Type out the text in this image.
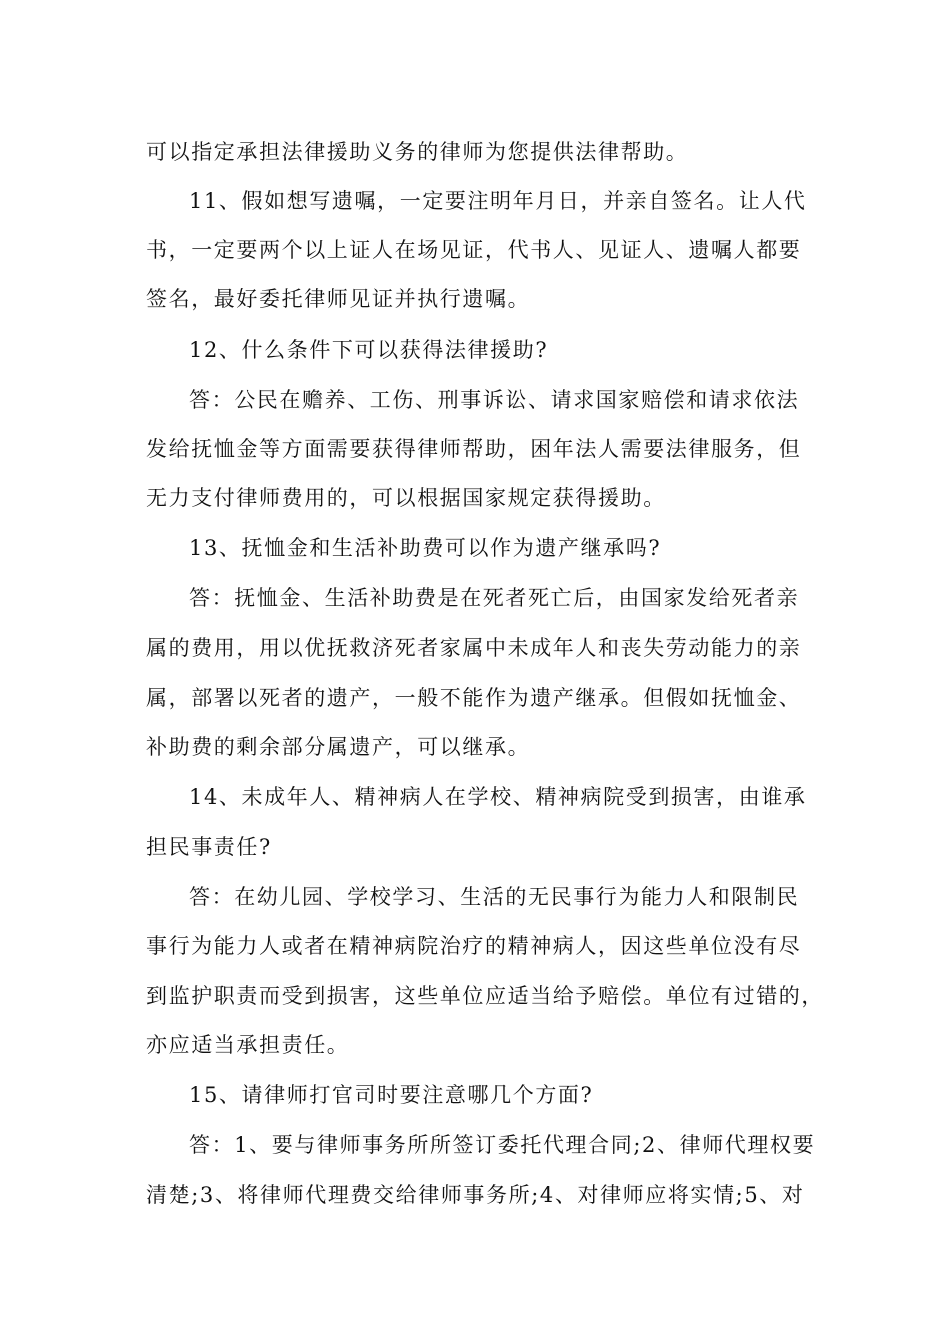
可以指定承担法律援助义务的律师为您提供法律帮助。
11、假如想写遗嘱，一定要注明年月日，并亲自签名。让人代
书，一定要两个以上证人在场见证，代书人、见证人、遗嘱人都要
签名，最好委托律师见证并执行遗嘱。
12、什么条件下可以获得法律援助?
答：公民在赡养、工伤、刑事诉讼、请求国家赔偿和请求依法
发给抚恤金等方面需要获得律师帮助，困年法人需要法律服务，但
无力支付律师费用的，可以根据国家规定获得援助。
13、抚恤金和生活补助费可以作为遗产继承吗?
答：抚恤金、生活补助费是在死者死亡后，由国家发给死者亲
属的费用，用以优抚救济死者家属中未成年人和丧失劳动能力的亲
属，部署以死者的遗产，一般不能作为遗产继承。但假如抚恤金、
补助费的剩余部分属遗产，可以继承。
14、未成年人、精神病人在学校、精神病院受到损害，由谁承
担民事责任?
答：在幼儿园、学校学习、生活的无民事行为能力人和限制民
事行为能力人或者在精神病院治疗的精神病人，因这些单位没有尽
到监护职责而受到损害，这些单位应适当给予赔偿。单位有过错的，
亦应适当承担责任。
15、请律师打官司时要注意哪几个方面?
答：1、要与律师事务所所签订委托代理合同;2、律师代理权要
清楚;3、将律师代理费交给律师事务所;4、对律师应将实情;5、对
